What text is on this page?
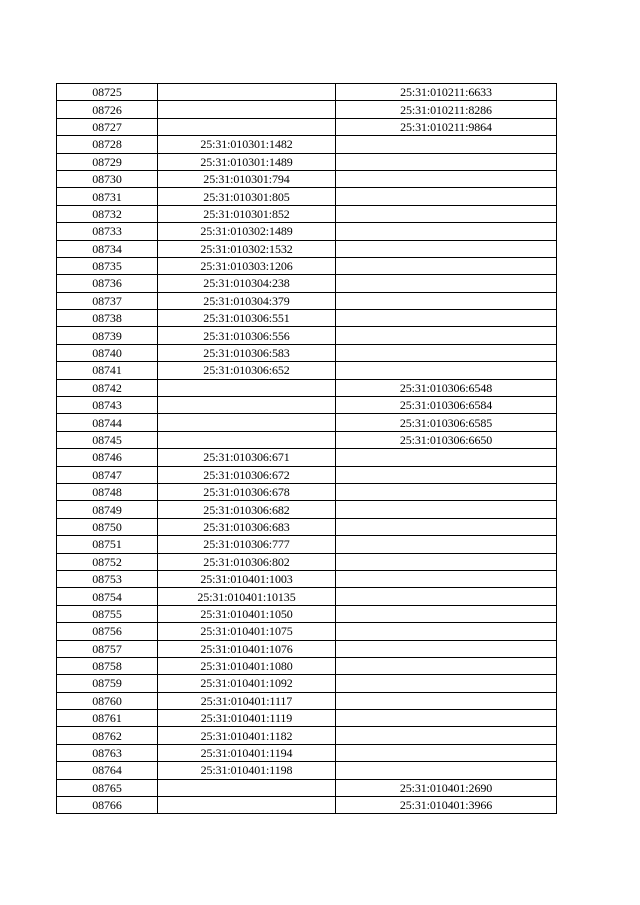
08725		25:31:010211:6633
08726		25:31:010211:8286
08727		25:31:010211:9864
08728	25:31:010301:1482	
08729	25:31:010301:1489	
08730	25:31:010301:794	
08731	25:31:010301:805	
08732	25:31:010301:852	
08733	25:31:010302:1489	
08734	25:31:010302:1532	
08735	25:31:010303:1206	
08736	25:31:010304:238	
08737	25:31:010304:379	
08738	25:31:010306:551	
08739	25:31:010306:556	
08740	25:31:010306:583	
08741	25:31:010306:652	
08742		25:31:010306:6548
08743		25:31:010306:6584
08744		25:31:010306:6585
08745		25:31:010306:6650
08746	25:31:010306:671	
08747	25:31:010306:672	
08748	25:31:010306:678	
08749	25:31:010306:682	
08750	25:31:010306:683	
08751	25:31:010306:777	
08752	25:31:010306:802	
08753	25:31:010401:1003	
08754	25:31:010401:10135	
08755	25:31:010401:1050	
08756	25:31:010401:1075	
08757	25:31:010401:1076	
08758	25:31:010401:1080	
08759	25:31:010401:1092	
08760	25:31:010401:1117	
08761	25:31:010401:1119	
08762	25:31:010401:1182	
08763	25:31:010401:1194	
08764	25:31:010401:1198	
08765		25:31:010401:2690
08766		25:31:010401:3966
